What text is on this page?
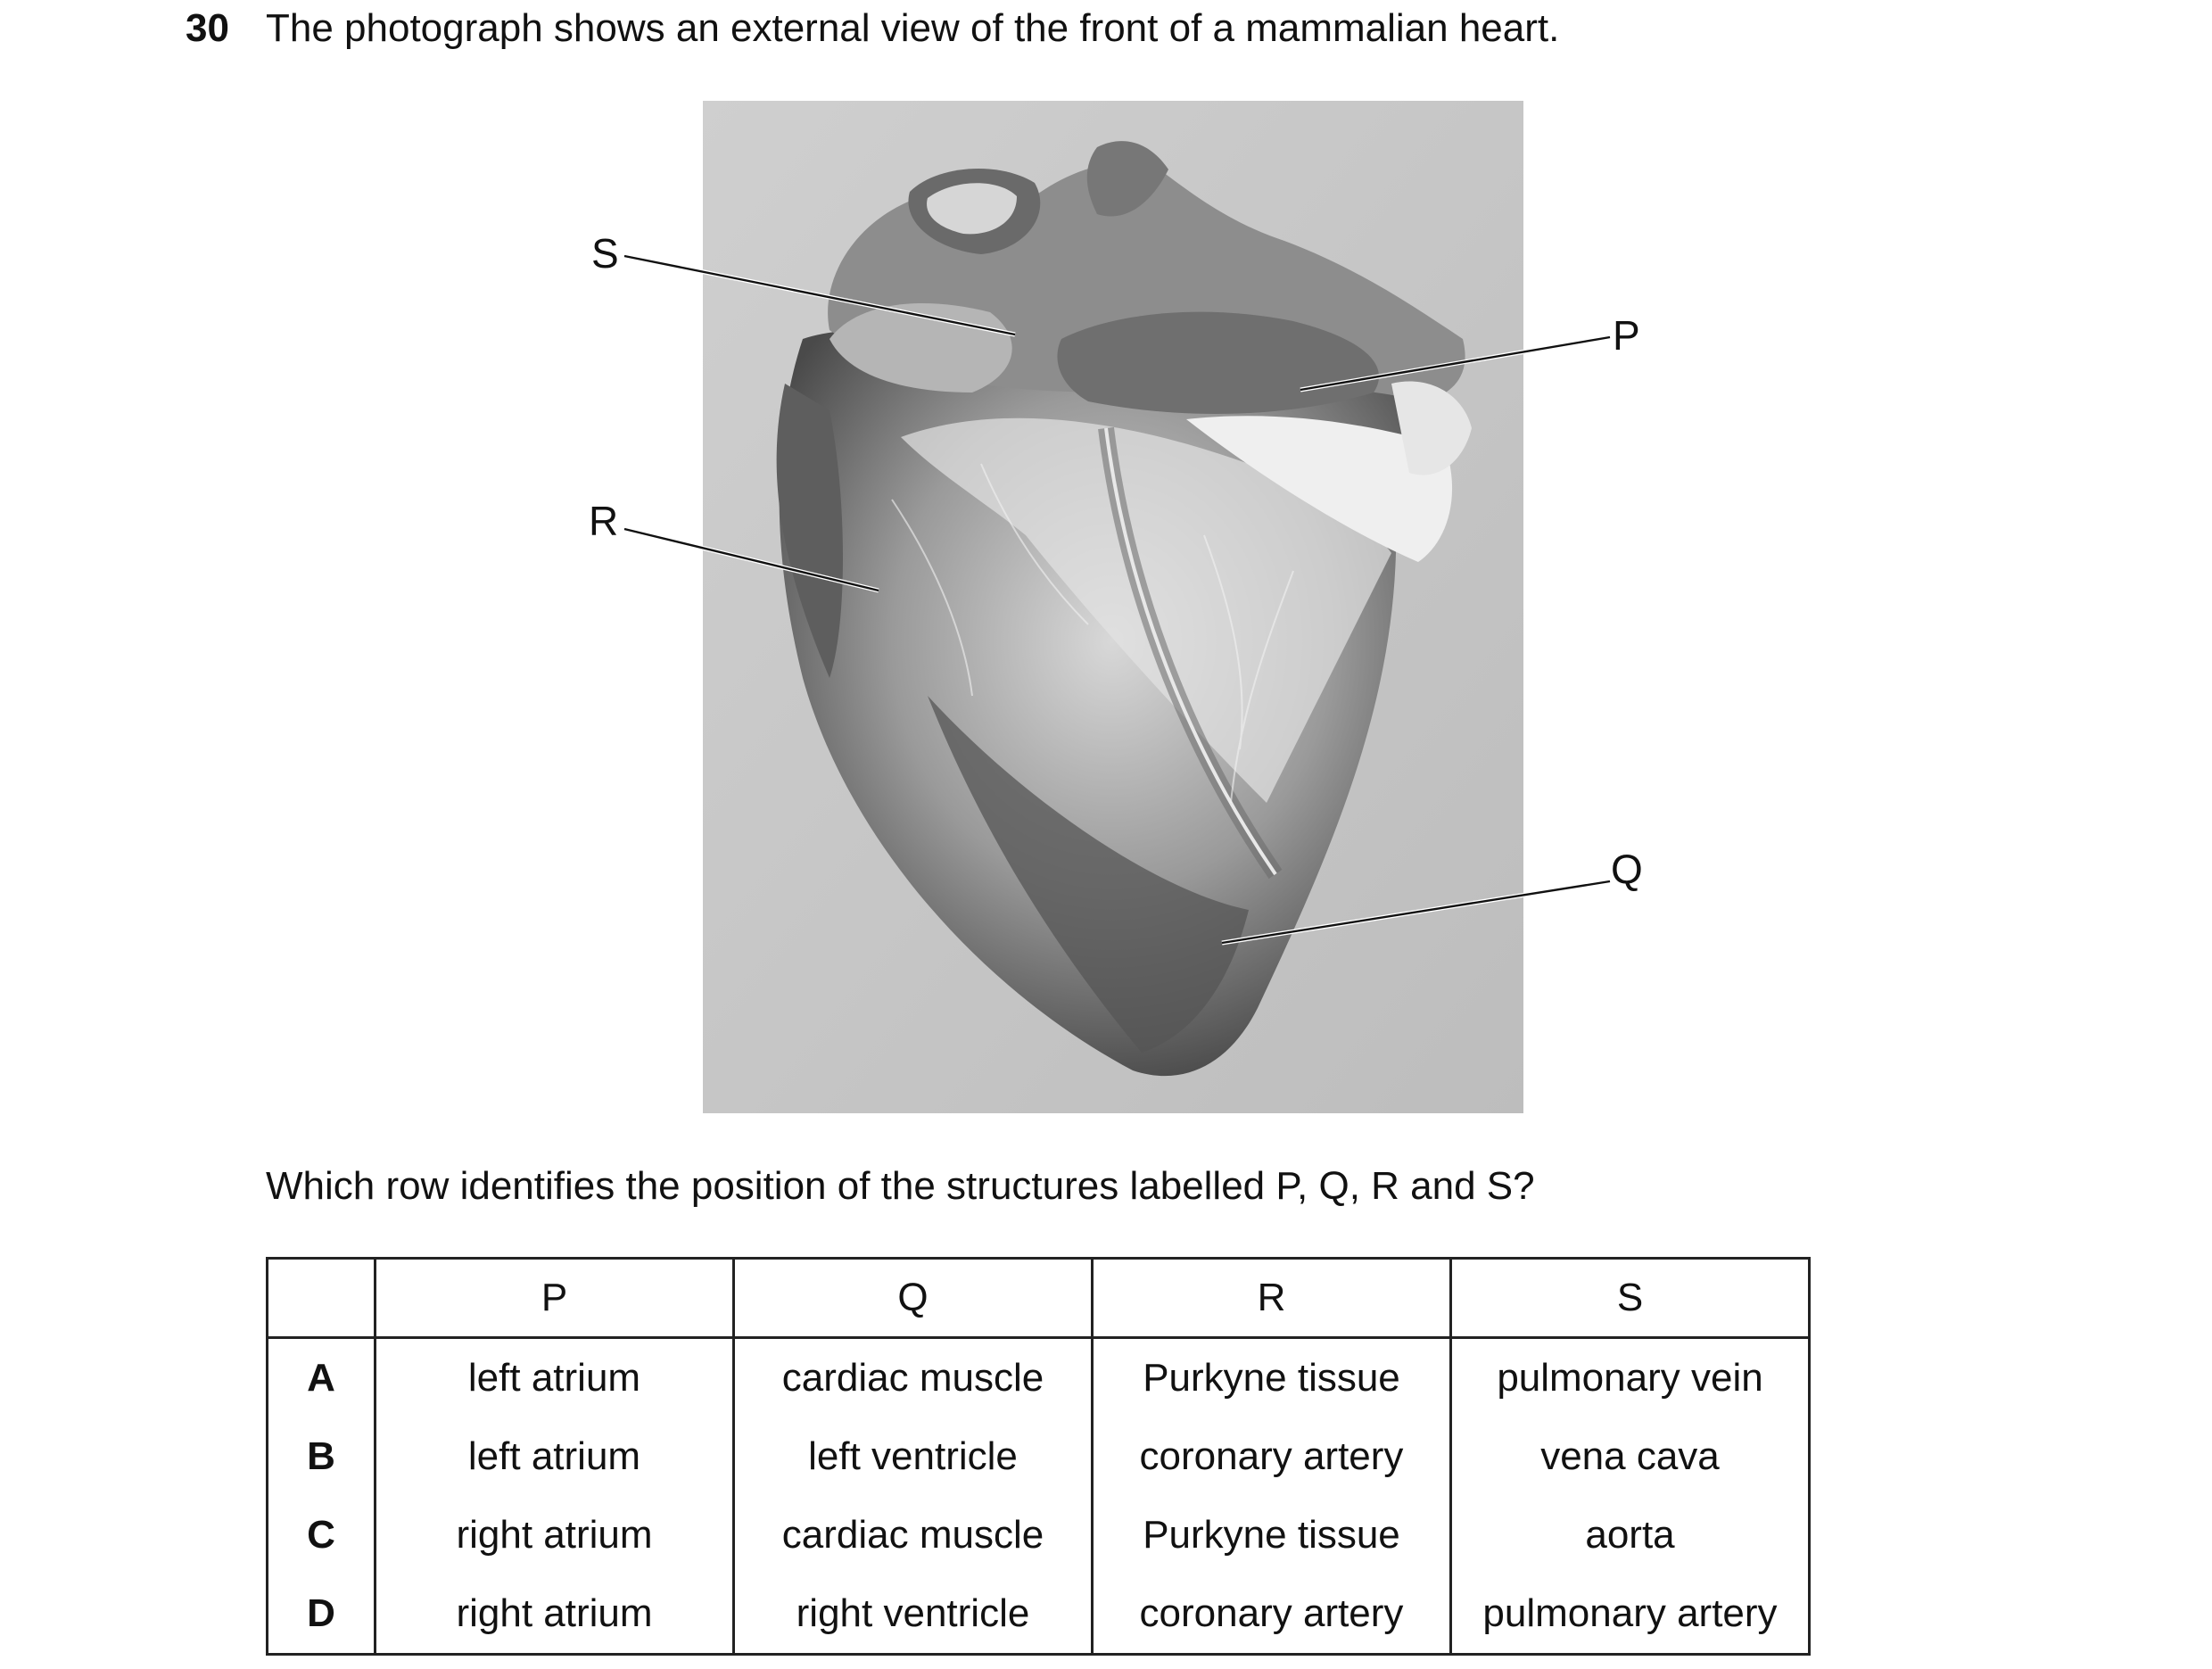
30 The photograph shows an external view of the front of a mammalian heart.
S
R
P
Q
Which row identifies the position of the structures labelled P, Q, R and S?
	P	Q	R	S
A	left atrium	cardiac muscle	Purkyne tissue	pulmonary vein
B	left atrium	left ventricle	coronary artery	vena cava
C	right atrium	cardiac muscle	Purkyne tissue	aorta
D	right atrium	right ventricle	coronary artery	pulmonary artery
